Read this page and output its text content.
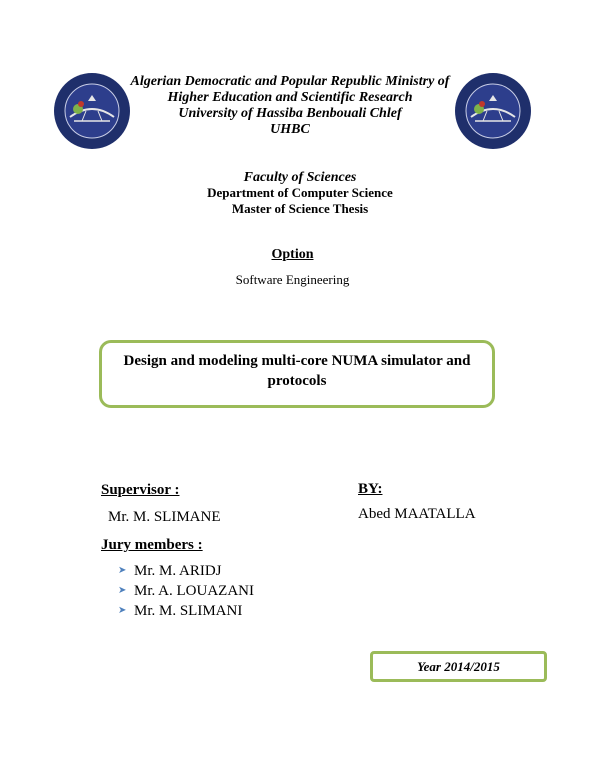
Algerian Democratic and Popular Republic Ministry of
Higher Education and Scientific Research
University of Hassiba Benbouali Chlef
UHBC
Faculty of Sciences
Department of Computer Science
Master of Science Thesis
Option
Software Engineering
Design and modeling multi-core NUMA simulator and
protocols
Supervisor :
Mr. M. SLIMANE
BY:
Abed MAATALLA
Jury members :
➤ Mr. M. ARIDJ
➤ Mr. A. LOUAZANI
➤ Mr. M. SLIMANI
Year 2014/2015
